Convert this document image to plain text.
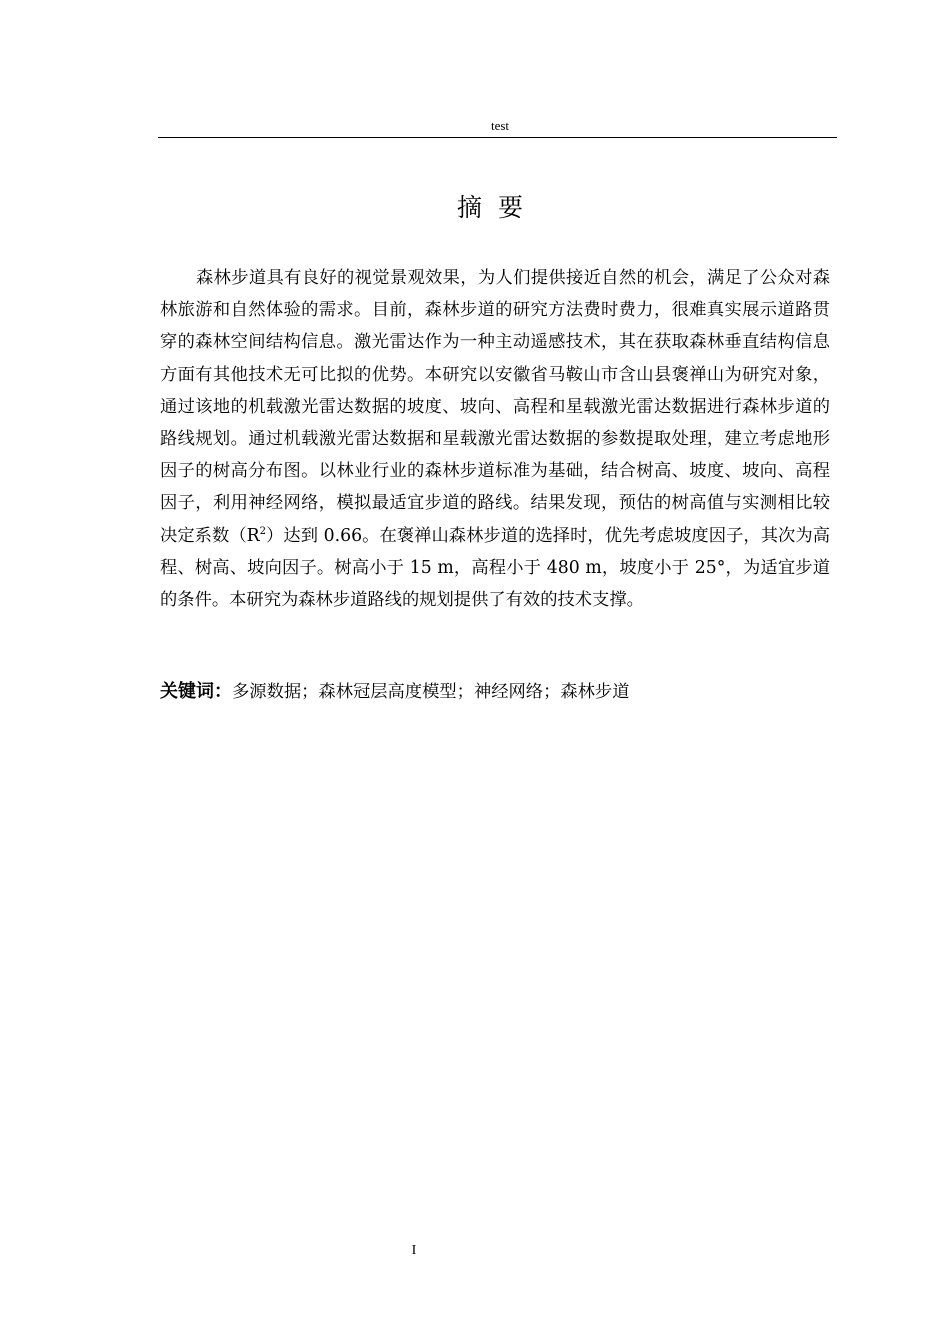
test
摘要

森林步道具有良好的视觉景观效果，为人们提供接近自然的机会，满足了公众对森林旅游和自然体验的需求。目前，森林步道的研究方法费时费力，很难真实展示道路贯穿的森林空间结构信息。激光雷达作为一种主动遥感技术，其在获取森林垂直结构信息方面有其他技术无可比拟的优势。本研究以安徽省马鞍山市含山县褒禅山为研究对象，通过该地的机载激光雷达数据的坡度、坡向、高程和星载激光雷达数据进行森林步道的路线规划。通过机载激光雷达数据和星载激光雷达数据的参数提取处理，建立考虑地形因子的树高分布图。以林业行业的森林步道标准为基础，结合树高、坡度、坡向、高程因子，利用神经网络，模拟最适宜步道的路线。结果发现，预估的树高值与实测相比较决定系数$(R^2)$达到 0.66。在褒禅山森林步道的选择时，优先考虑坡度因子，其次为高程、树高、坡向因子。树高小于 15 m，高程小于 480 m，坡度小于 25°，为适宜步道的条件。本研究为森林步道路线的规划提供了有效的技术支撑。

关键词：多源数据；森林冠层高度模型；神经网络；森林步道
I
